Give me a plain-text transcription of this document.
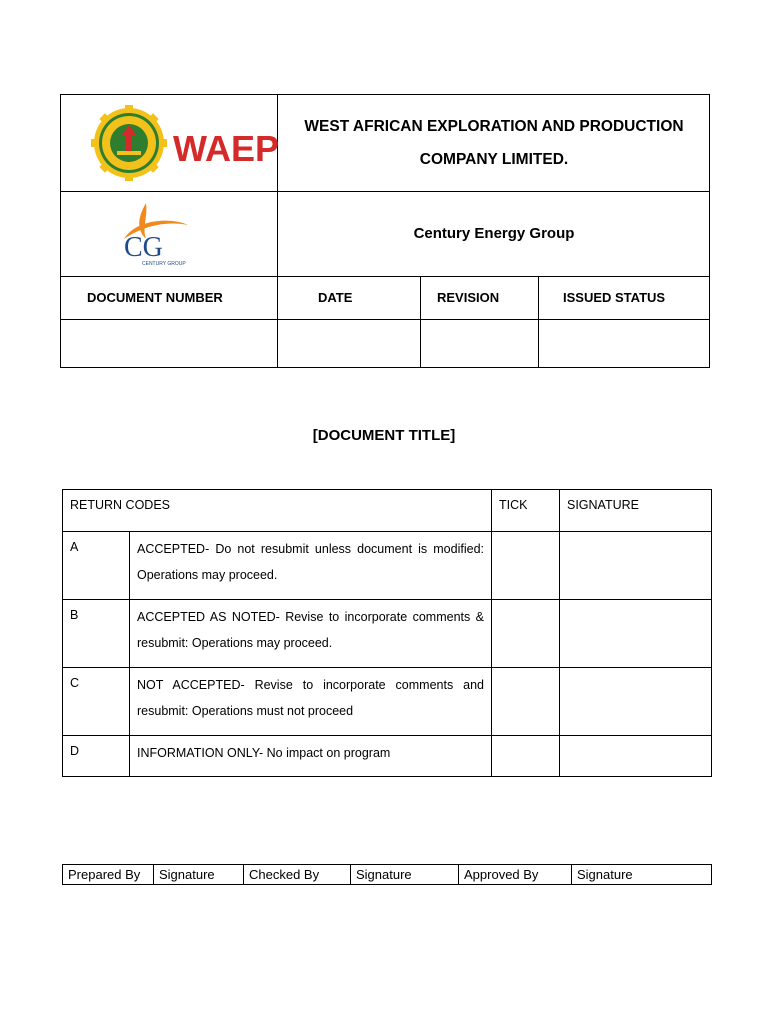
WAEP
CG
CENTURY GROUP
WEST AFRICAN EXPLORATION AND PRODUCTION
COMPANY LIMITED.
Century Energy Group
DOCUMENT NUMBER	DATE	REVISION	ISSUED STATUS
[DOCUMENT TITLE]
RETURN CODES		TICK	SIGNATURE
A	ACCEPTED- Do not resubmit unless document is modified: Operations may proceed.		
B	ACCEPTED AS NOTED- Revise to incorporate comments & resubmit: Operations may proceed.		
C	NOT ACCEPTED- Revise to incorporate comments and resubmit: Operations must not proceed		
D	INFORMATION ONLY- No impact on program		
Prepared By	Signature	Checked By	Signature	Approved By	Signature
